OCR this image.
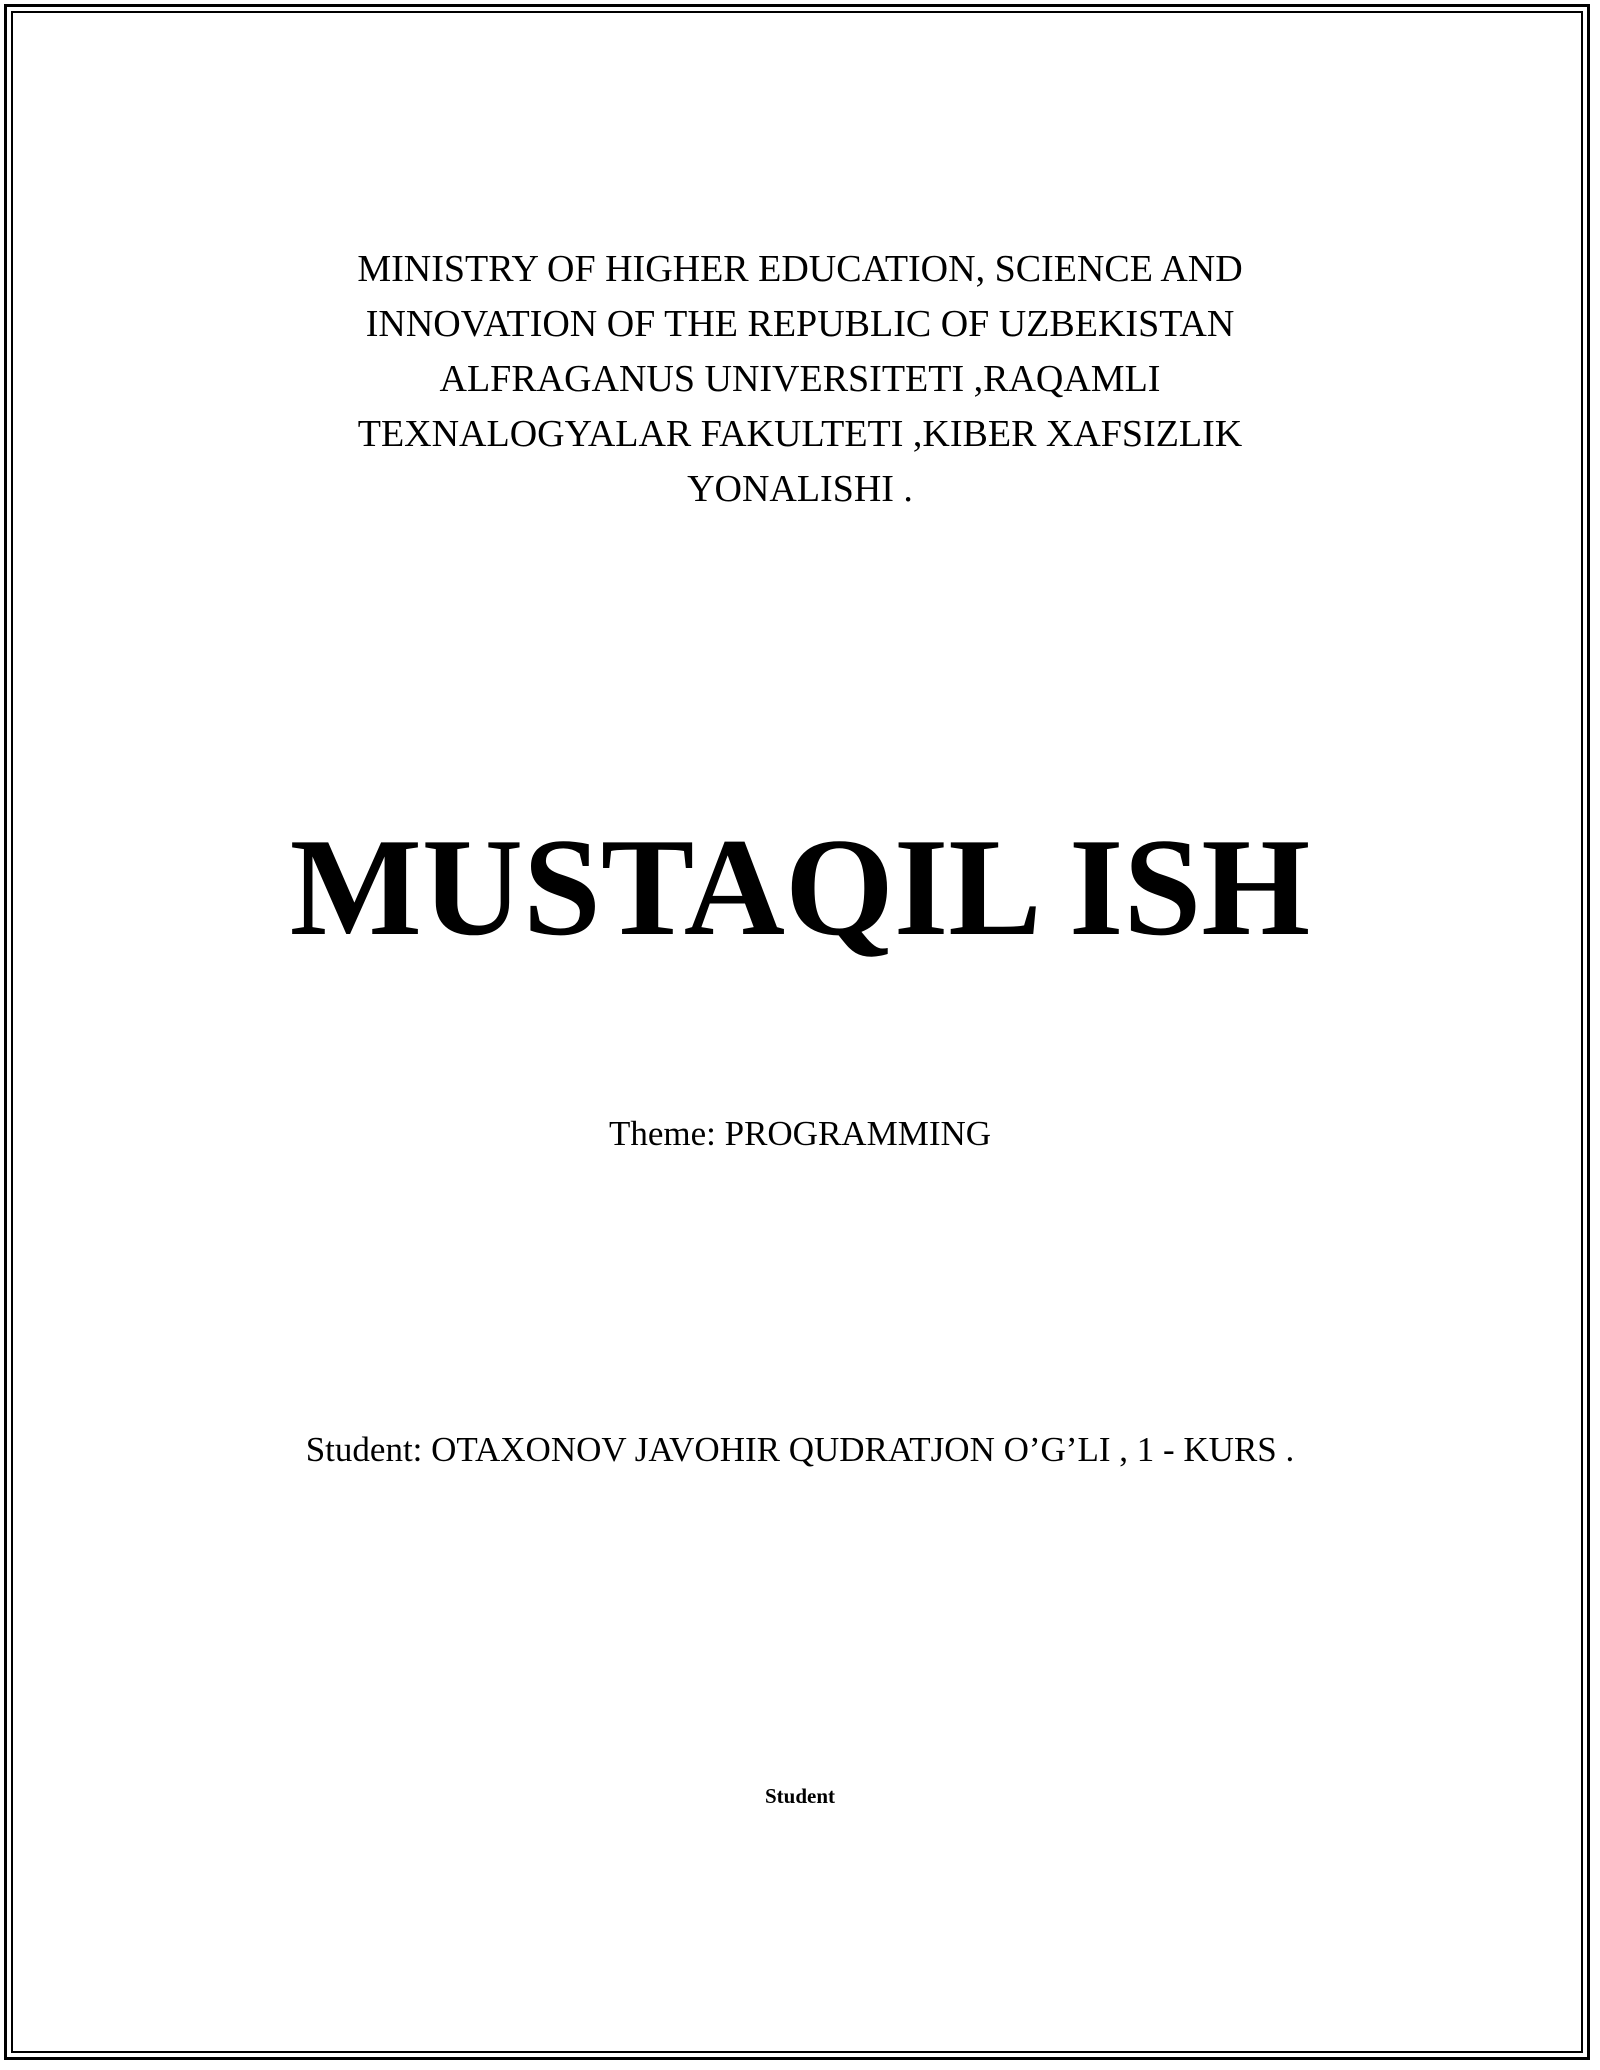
MINISTRY OF HIGHER EDUCATION, SCIENCE AND
INNOVATION OF THE REPUBLIC OF UZBEKISTAN
ALFRAGANUS UNIVERSITETI ,RAQAMLI
TEXNALOGYALAR FAKULTETI ,KIBER XAFSIZLIK
YONALISHI .
MUSTAQIL ISH
Theme: PROGRAMMING
Student: OTAXONOV JAVOHIR QUDRATJON O’G’LI , 1 - KURS .
Student
